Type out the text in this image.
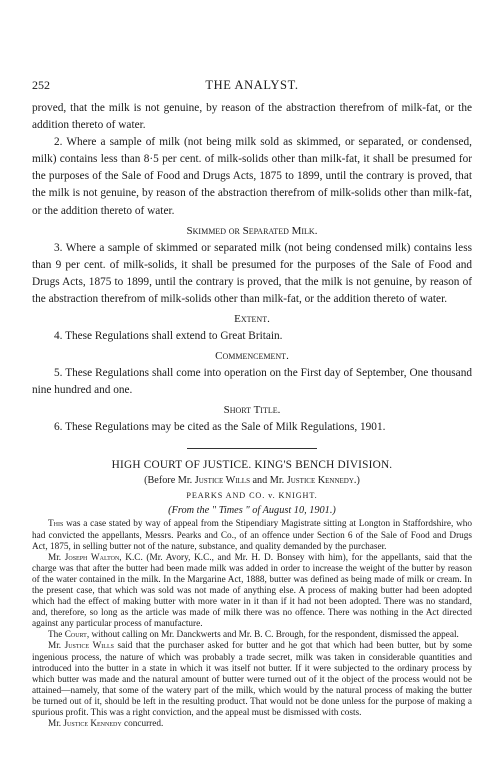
252	THE ANALYST.

proved, that the milk is not genuine, by reason of the abstraction therefrom of milk-fat, or the addition thereto of water.

2. Where a sample of milk (not being milk sold as skimmed, or separated, or condensed, milk) contains less than 8·5 per cent. of milk-solids other than milk-fat, it shall be presumed for the purposes of the Sale of Food and Drugs Acts, 1875 to 1899, until the contrary is proved, that the milk is not genuine, by reason of the abstraction therefrom of milk-solids other than milk-fat, or the addition thereto of water.

Skimmed or Separated Milk.

3. Where a sample of skimmed or separated milk (not being condensed milk) contains less than 9 per cent. of milk-solids, it shall be presumed for the purposes of the Sale of Food and Drugs Acts, 1875 to 1899, until the contrary is proved, that the milk is not genuine, by reason of the abstraction therefrom of milk-solids other than milk-fat, or the addition thereto of water.

Extent.

4. These Regulations shall extend to Great Britain.

Commencement.

5. These Regulations shall come into operation on the First day of September, One thousand nine hundred and one.

Short Title.

6. These Regulations may be cited as the Sale of Milk Regulations, 1901.

HIGH COURT OF JUSTICE. KING'S BENCH DIVISION.
(Before Mr. Justice Wills and Mr. Justice Kennedy.)
PEARKS AND CO. v. KNIGHT.
(From the " Times " of August 10, 1901.)

This was a case stated by way of appeal from the Stipendiary Magistrate sitting at Longton in Staffordshire, who had convicted the appellants, Messrs. Pearks and Co., of an offence under Section 6 of the Sale of Food and Drugs Act, 1875, in selling butter not of the nature, substance, and quality demanded by the purchaser.

Mr. Joseph Walton, K.C. (Mr. Avory, K.C., and Mr. H. D. Bonsey with him), for the appellants, said that the charge was that after the butter had been made milk was added in order to increase the weight of the butter by reason of the water contained in the milk. In the Margarine Act, 1888, butter was defined as being made of milk or cream. In the present case, that which was sold was not made of anything else. A process of making butter had been adopted which had the effect of making butter with more water in it than if it had not been adopted. There was no standard, and, therefore, so long as the article was made of milk there was no offence. There was nothing in the Act directed against any particular process of manufacture.

The Court, without calling on Mr. Danckwerts and Mr. B. C. Brough, for the respondent, dismissed the appeal.

Mr. Justice Wills said that the purchaser asked for butter and he got that which had been butter, but by some ingenious process, the nature of which was probably a trade secret, milk was taken in considerable quantities and introduced into the butter in a state in which it was itself not butter. If it were subjected to the ordinary process by which butter was made and the natural amount of butter were turned out of it the object of the process would not be attained—namely, that some of the watery part of the milk, which would by the natural process of making the butter be turned out of it, should be left in the resulting product. That would not be done unless for the purpose of making a spurious profit. This was a right conviction, and the appeal must be dismissed with costs.

Mr. Justice Kennedy concurred.
